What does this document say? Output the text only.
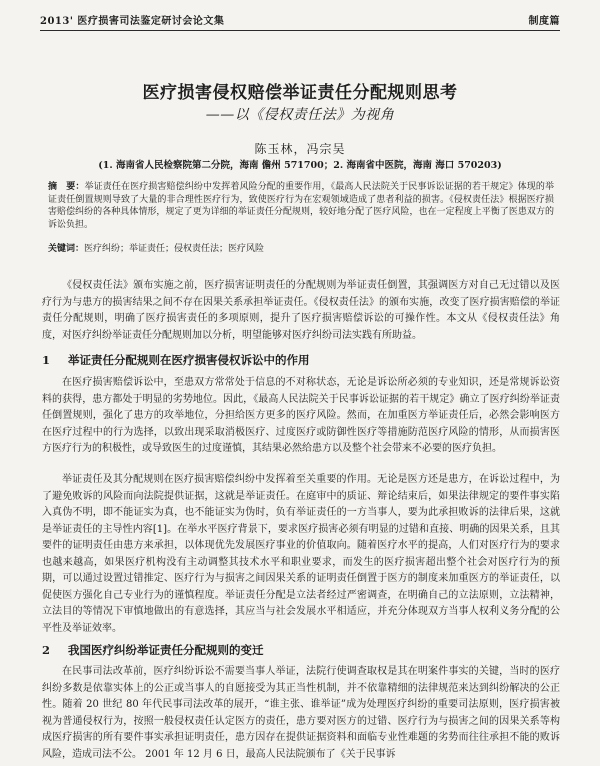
2013' 医疗损害司法鉴定研讨会论文集	制度篇
医疗损害侵权赔偿举证责任分配规则思考
——以《侵权责任法》为视角
陈玉林，冯宗吴
(1. 海南省人民检察院第二分院，海南 儋州 571700；2. 海南省中医院，海南 海口 570203)
摘　要：举证责任在医疗损害赔偿纠纷中发挥着风险分配的重要作用，《最高人民法院关于民事诉讼证据的若干规定》体现的举证责任倒置规则导致了大量的非合理性医疗行为，致使医疗行为在宏观领域造成了患者利益的损害。《侵权责任法》根据医疗损害赔偿纠纷的各种具体情形，规定了更为详细的举证责任分配规则，较好地分配了医疗风险，也在一定程度上平衡了医患双方的诉讼负担。
关键词：医疗纠纷；举证责任；侵权责任法；医疗风险
《侵权责任法》颁布实施之前，医疗损害证明责任的分配规则为举证责任倒置，其强调医方对自己无过错以及医疗行为与患方的损害结果之间不存在因果关系承担举证责任。《侵权责任法》的颁布实施，改变了医疗损害赔偿的举证责任分配规则，明确了医疗损害责任的多项原则，提升了医疗损害赔偿诉讼的可操作性。本文从《侵权责任法》角度，对医疗纠纷举证责任分配规则加以分析，明望能够对医疗纠纷司法实践有所助益。
1 举证责任分配规则在医疗损害侵权诉讼中的作用
在医疗损害赔偿诉讼中，至患双方常常处于信息的不对称状态，无论是诉讼所必须的专业知识，还是常规诉讼资料的获得，患方都处于明显的劣势地位。因此，《最高人民法院关于民事诉讼证据的若干规定》确立了医疗纠纷举证责任倒置规则，强化了患方的攻举地位，分担给医方更多的医疗风险。然而，在加重医方举证责任后，必然会影响医方在医疗过程中的行为选择，以致出现采取消极医疗、过度医疗或防御性医疗等措施防范医疗风险的情形，从而损害医方医疗行为的积极性，或导致医生的过度谨慎，其结果必然给患方以及整个社会带来不必要的医疗负担。
举证责任及其分配规则在医疗损害赔偿纠纷中发挥着至关重要的作用。无论是医方还是患方，在诉讼过程中，为了避免败诉的风险而向法院提供证据，这就是举证责任。在庭审中的质证、辩论结束后，如果法律规定的要件事实陷入真伪不明，即不能证实为真，也不能证实为伪时，负有举证责任的一方当事人，要为此承担败诉的法律后果，这就是举证责任的主导性内容[1]。在举水平医疗背景下，要求医疗损害必须有明显的过错和直接、明确的因果关系，且其要件的证明责任由患方来承担，以体现优先发展医疗事业的价值取向。随着医疗水平的提高，人们对医疗行为的要求也越来越高，如果医疗机构没有主动调整其技术水平和职业要求，而发生的医疗损害超出整个社会对医疗行为的预期，可以通过设置过错推定、医疗行为与损害之间因果关系的证明责任倒置于医方的制度来加重医方的举证责任，以促使医方强化自己专业行为的谨慎程度。举证责任分配是立法者经过严密调查，在明确自己的立法原则，立法精神，立法目的等情况下审慎地做出的有意选择，其应当与社会发展水平相适应，并充分体现双方当事人权利义务分配的公平性及举证效率。
2 我国医疗纠纷举证责任分配规则的变迁
在民事司法改革前，医疗纠纷诉讼不需要当事人举证，法院行使调查取权是其在明案件事实的关键，当时的医疗纠纷多数是依靠实体上的公正或当事人的自愿接受为其正当性机制，并不依靠精细的法律规范来达到纠纷解决的公正性。随着 20 世纪 80 年代民事司法改革的展开，“谁主张、谁举证”成为处理医疗纠纷的重要司法原则，医疗损害被视为普通侵权行为，按照一般侵权责任认定医方的责任，患方要对医方的过错、医疗行为与损害之间的因果关系等构成医疗损害的所有要件事实承担证明责任，患方因存在提供证据资料和面临专业性难题的劣势而往往承担不能的败诉风险，造成司法不公。 2001 年 12 月 6 日，最高人民法院颁布了《关于民事诉
